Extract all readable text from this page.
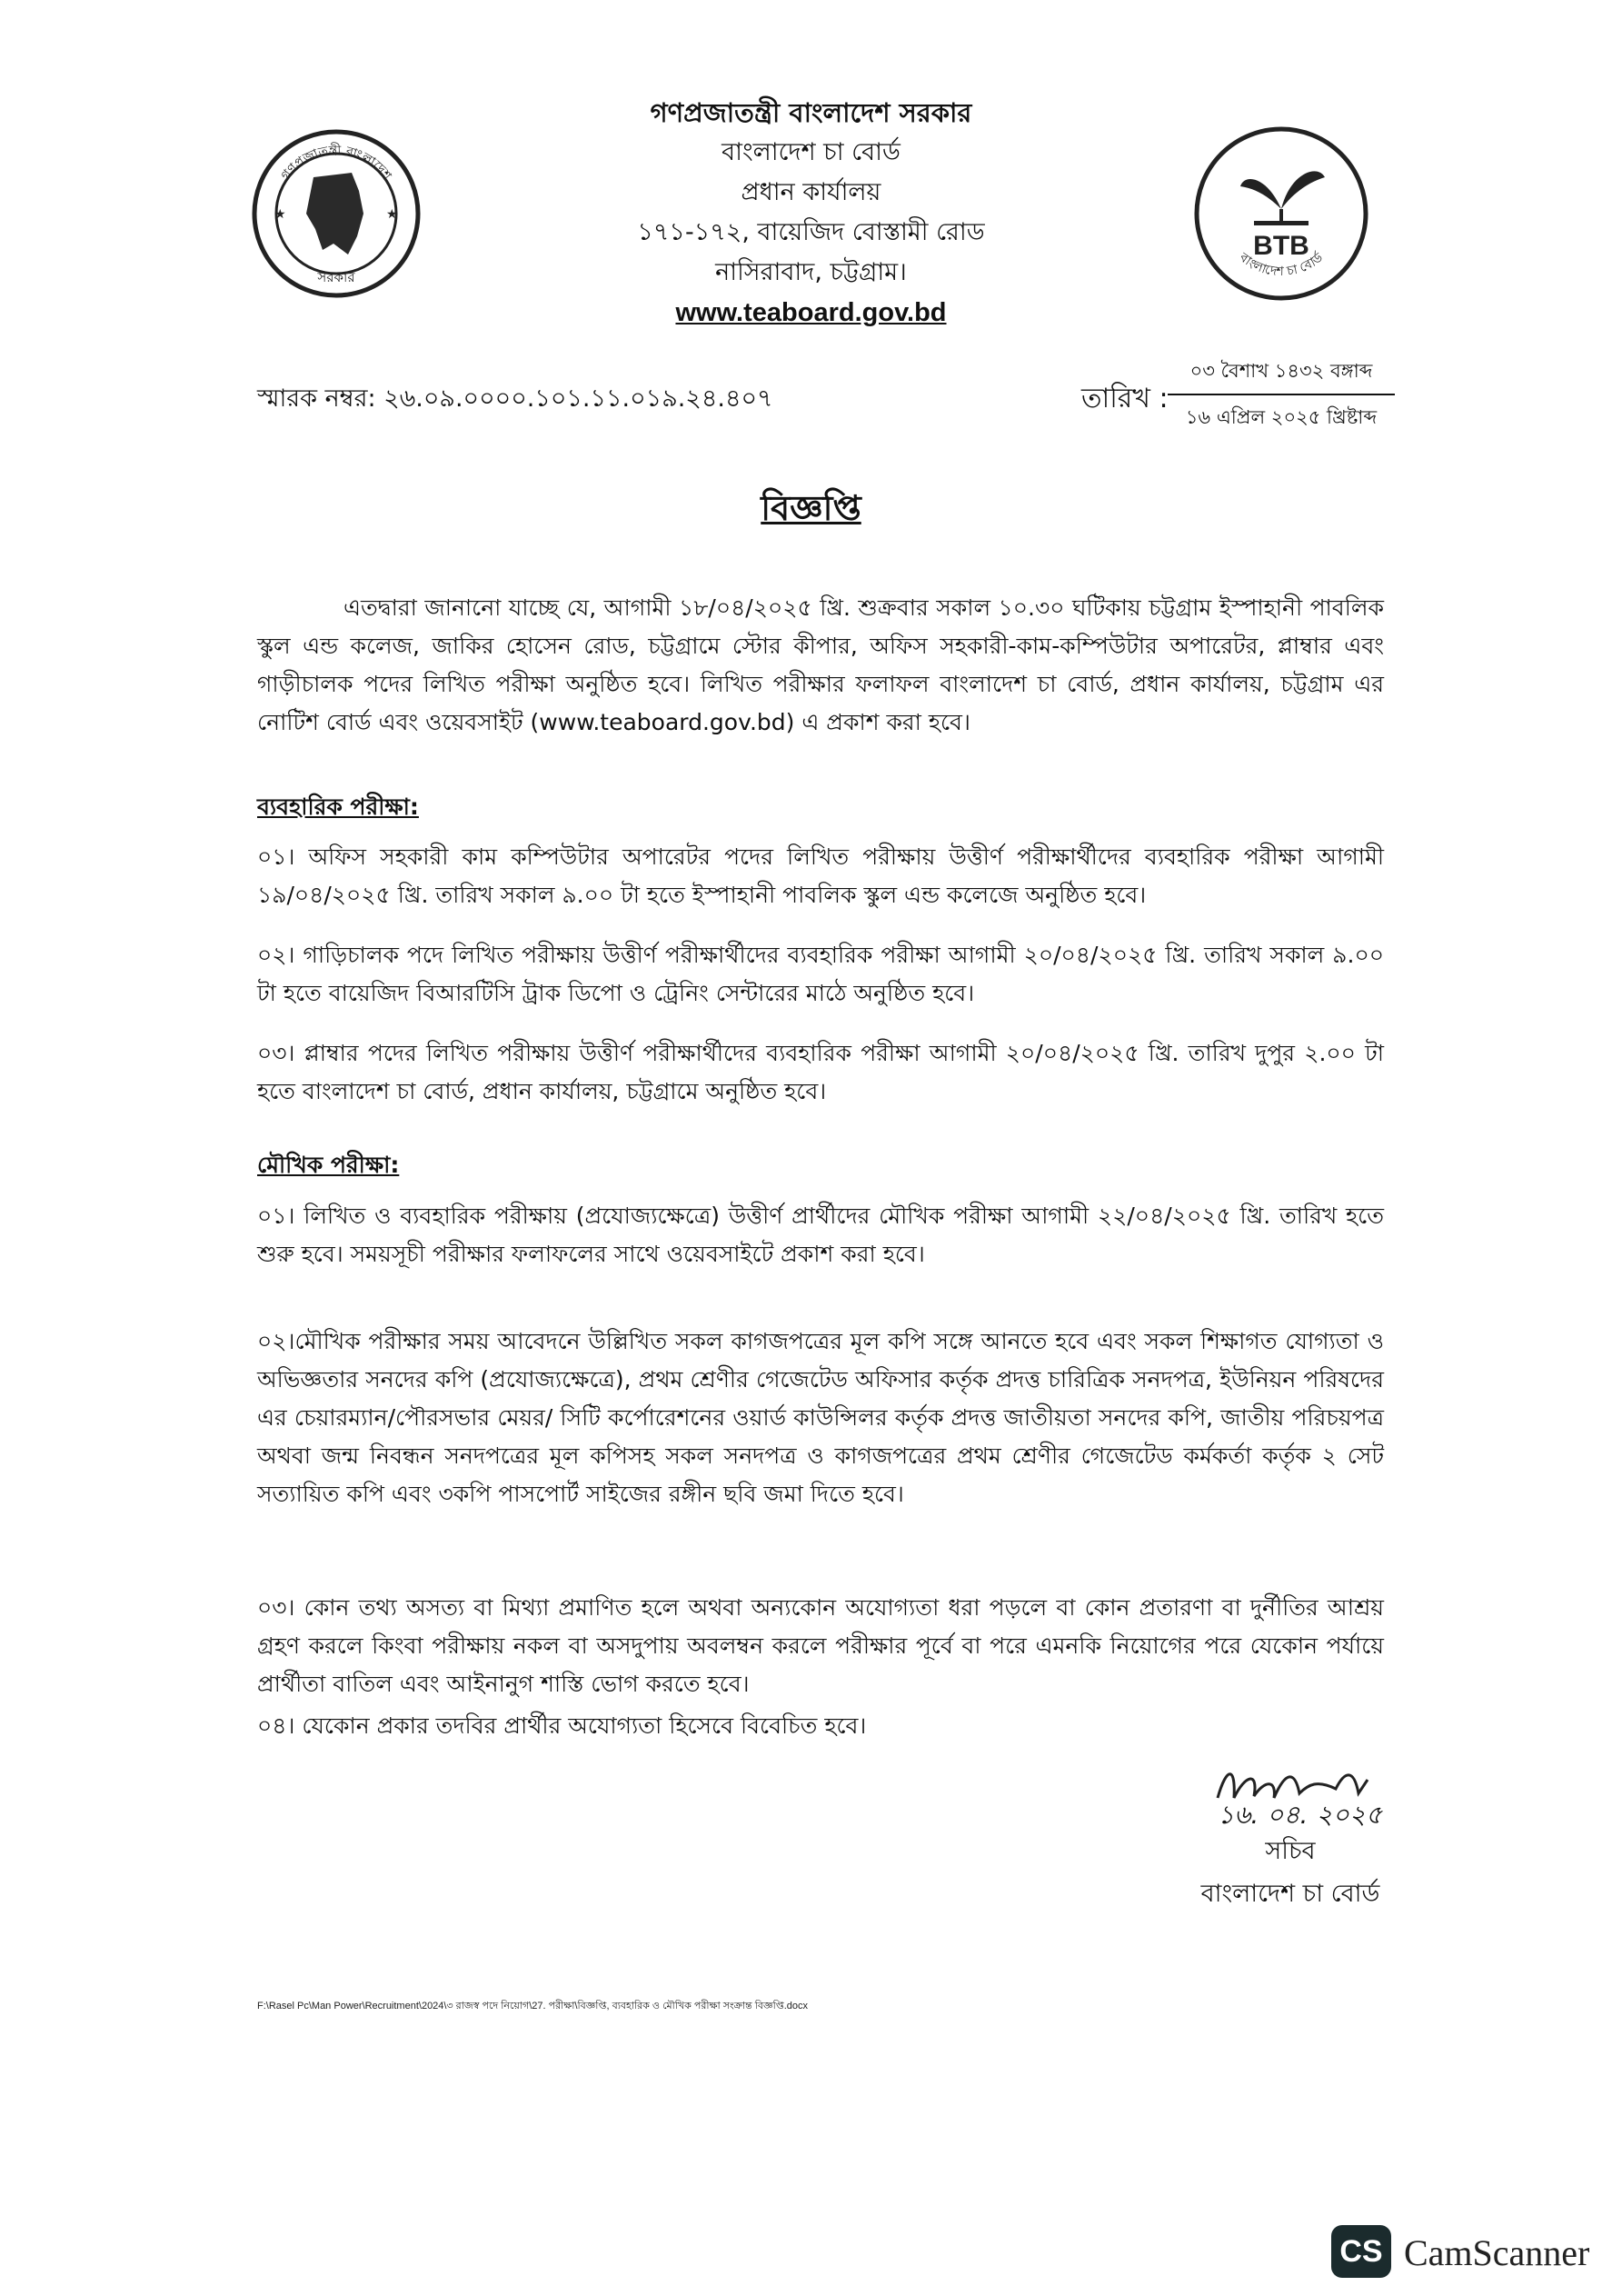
★	★
গণপ্রজাতন্ত্রী বাংলাদেশ
সরকার
BTB
বাংলাদেশ চা বোর্ড
গণপ্রজাতন্ত্রী বাংলাদেশ সরকার
বাংলাদেশ চা বোর্ড
প্রধান কার্যালয়
১৭১-১৭২, বায়েজিদ বোস্তামী রোড
নাসিরাবাদ, চট্টগ্রাম।
www.teaboard.gov.bd
স্মারক নম্বর: ২৬.০৯.০০০০.১০১.১১.০১৯.২৪.৪০৭	তারিখ :
০৩ বৈশাখ ১৪৩২ বঙ্গাব্দ
১৬ এপ্রিল ২০২৫ খ্রিষ্টাব্দ
বিজ্ঞপ্তি
এতদ্বারা জানানো যাচ্ছে যে, আগামী ১৮/০৪/২০২৫ খ্রি. শুক্রবার সকাল ১০.৩০ ঘটিকায় চট্টগ্রাম ইস্পাহানী পাবলিক স্কুল এন্ড কলেজ, জাকির হোসেন রোড, চট্টগ্রামে স্টোর কীপার, অফিস সহকারী-কাম-কম্পিউটার অপারেটর, প্লাম্বার এবং গাড়ীচালক পদের লিখিত পরীক্ষা অনুষ্ঠিত হবে। লিখিত পরীক্ষার ফলাফল বাংলাদেশ চা বোর্ড, প্রধান কার্যালয়, চট্টগ্রাম এর নোটিশ বোর্ড এবং ওয়েবসাইট (www.teaboard.gov.bd) এ প্রকাশ করা হবে।
ব্যবহারিক পরীক্ষা:
০১। অফিস সহকারী কাম কম্পিউটার অপারেটর পদের লিখিত পরীক্ষায় উত্তীর্ণ পরীক্ষার্থীদের ব্যবহারিক পরীক্ষা আগামী ১৯/০৪/২০২৫ খ্রি. তারিখ সকাল ৯.০০ টা হতে ইস্পাহানী পাবলিক স্কুল এন্ড কলেজে অনুষ্ঠিত হবে।
০২। গাড়িচালক পদে লিখিত পরীক্ষায় উত্তীর্ণ পরীক্ষার্থীদের ব্যবহারিক পরীক্ষা আগামী ২০/০৪/২০২৫ খ্রি. তারিখ সকাল ৯.০০ টা হতে বায়েজিদ বিআরটিসি ট্রাক ডিপো ও ট্রেনিং সেন্টারের মাঠে অনুষ্ঠিত হবে।
০৩। প্লাম্বার পদের লিখিত পরীক্ষায় উত্তীর্ণ পরীক্ষার্থীদের ব্যবহারিক পরীক্ষা আগামী ২০/০৪/২০২৫ খ্রি. তারিখ দুপুর ২.০০ টা হতে বাংলাদেশ চা বোর্ড, প্রধান কার্যালয়, চট্টগ্রামে অনুষ্ঠিত হবে।
মৌখিক পরীক্ষা:
০১। লিখিত ও ব্যবহারিক পরীক্ষায় (প্রযোজ্যক্ষেত্রে) উত্তীর্ণ প্রার্থীদের মৌখিক পরীক্ষা আগামী ২২/০৪/২০২৫ খ্রি. তারিখ হতে শুরু হবে। সময়সূচী পরীক্ষার ফলাফলের সাথে ওয়েবসাইটে প্রকাশ করা হবে।
০২।মৌখিক পরীক্ষার সময় আবেদনে উল্লিখিত সকল কাগজপত্রের মূল কপি সঙ্গে আনতে হবে এবং সকল শিক্ষাগত যোগ্যতা ও অভিজ্ঞতার সনদের কপি (প্রযোজ্যক্ষেত্রে), প্রথম শ্রেণীর গেজেটেড অফিসার কর্তৃক প্রদত্ত চারিত্রিক সনদপত্র, ইউনিয়ন পরিষদের এর চেয়ারম্যান/পৌরসভার মেয়র/ সিটি কর্পোরেশনের ওয়ার্ড কাউন্সিলর কর্তৃক প্রদত্ত জাতীয়তা সনদের কপি, জাতীয় পরিচয়পত্র অথবা জন্ম নিবন্ধন সনদপত্রের মূল কপিসহ সকল সনদপত্র ও কাগজপত্রের প্রথম শ্রেণীর গেজেটেড কর্মকর্তা কর্তৃক ২ সেট সত্যায়িত কপি এবং ৩কপি পাসপোর্ট সাইজের রঙ্গীন ছবি জমা দিতে হবে।
০৩। কোন তথ্য অসত্য বা মিথ্যা প্রমাণিত হলে অথবা অন্যকোন অযোগ্যতা ধরা পড়লে বা কোন প্রতারণা বা দুর্নীতির আশ্রয় গ্রহণ করলে কিংবা পরীক্ষায় নকল বা অসদুপায় অবলম্বন করলে পরীক্ষার পূর্বে বা পরে এমনকি নিয়োগের পরে যেকোন পর্যায়ে প্রার্থীতা বাতিল এবং আইনানুগ শাস্তি ভোগ করতে হবে।
০৪। যেকোন প্রকার তদবির প্রার্থীর অযোগ্যতা হিসেবে বিবেচিত হবে।
১৬. ০৪. ২০২৫
সচিব
বাংলাদেশ চা বোর্ড
F:\Rasel Pc\Man Power\Recruitment\2024\৩ রাজস্ব পদে নিয়োগ\27. পরীক্ষা\বিজ্ঞপ্তি, ব্যবহারিক ও মৌখিক পরীক্ষা সংক্রান্ত বিজ্ঞপ্তি.docx
CS CamScanner
